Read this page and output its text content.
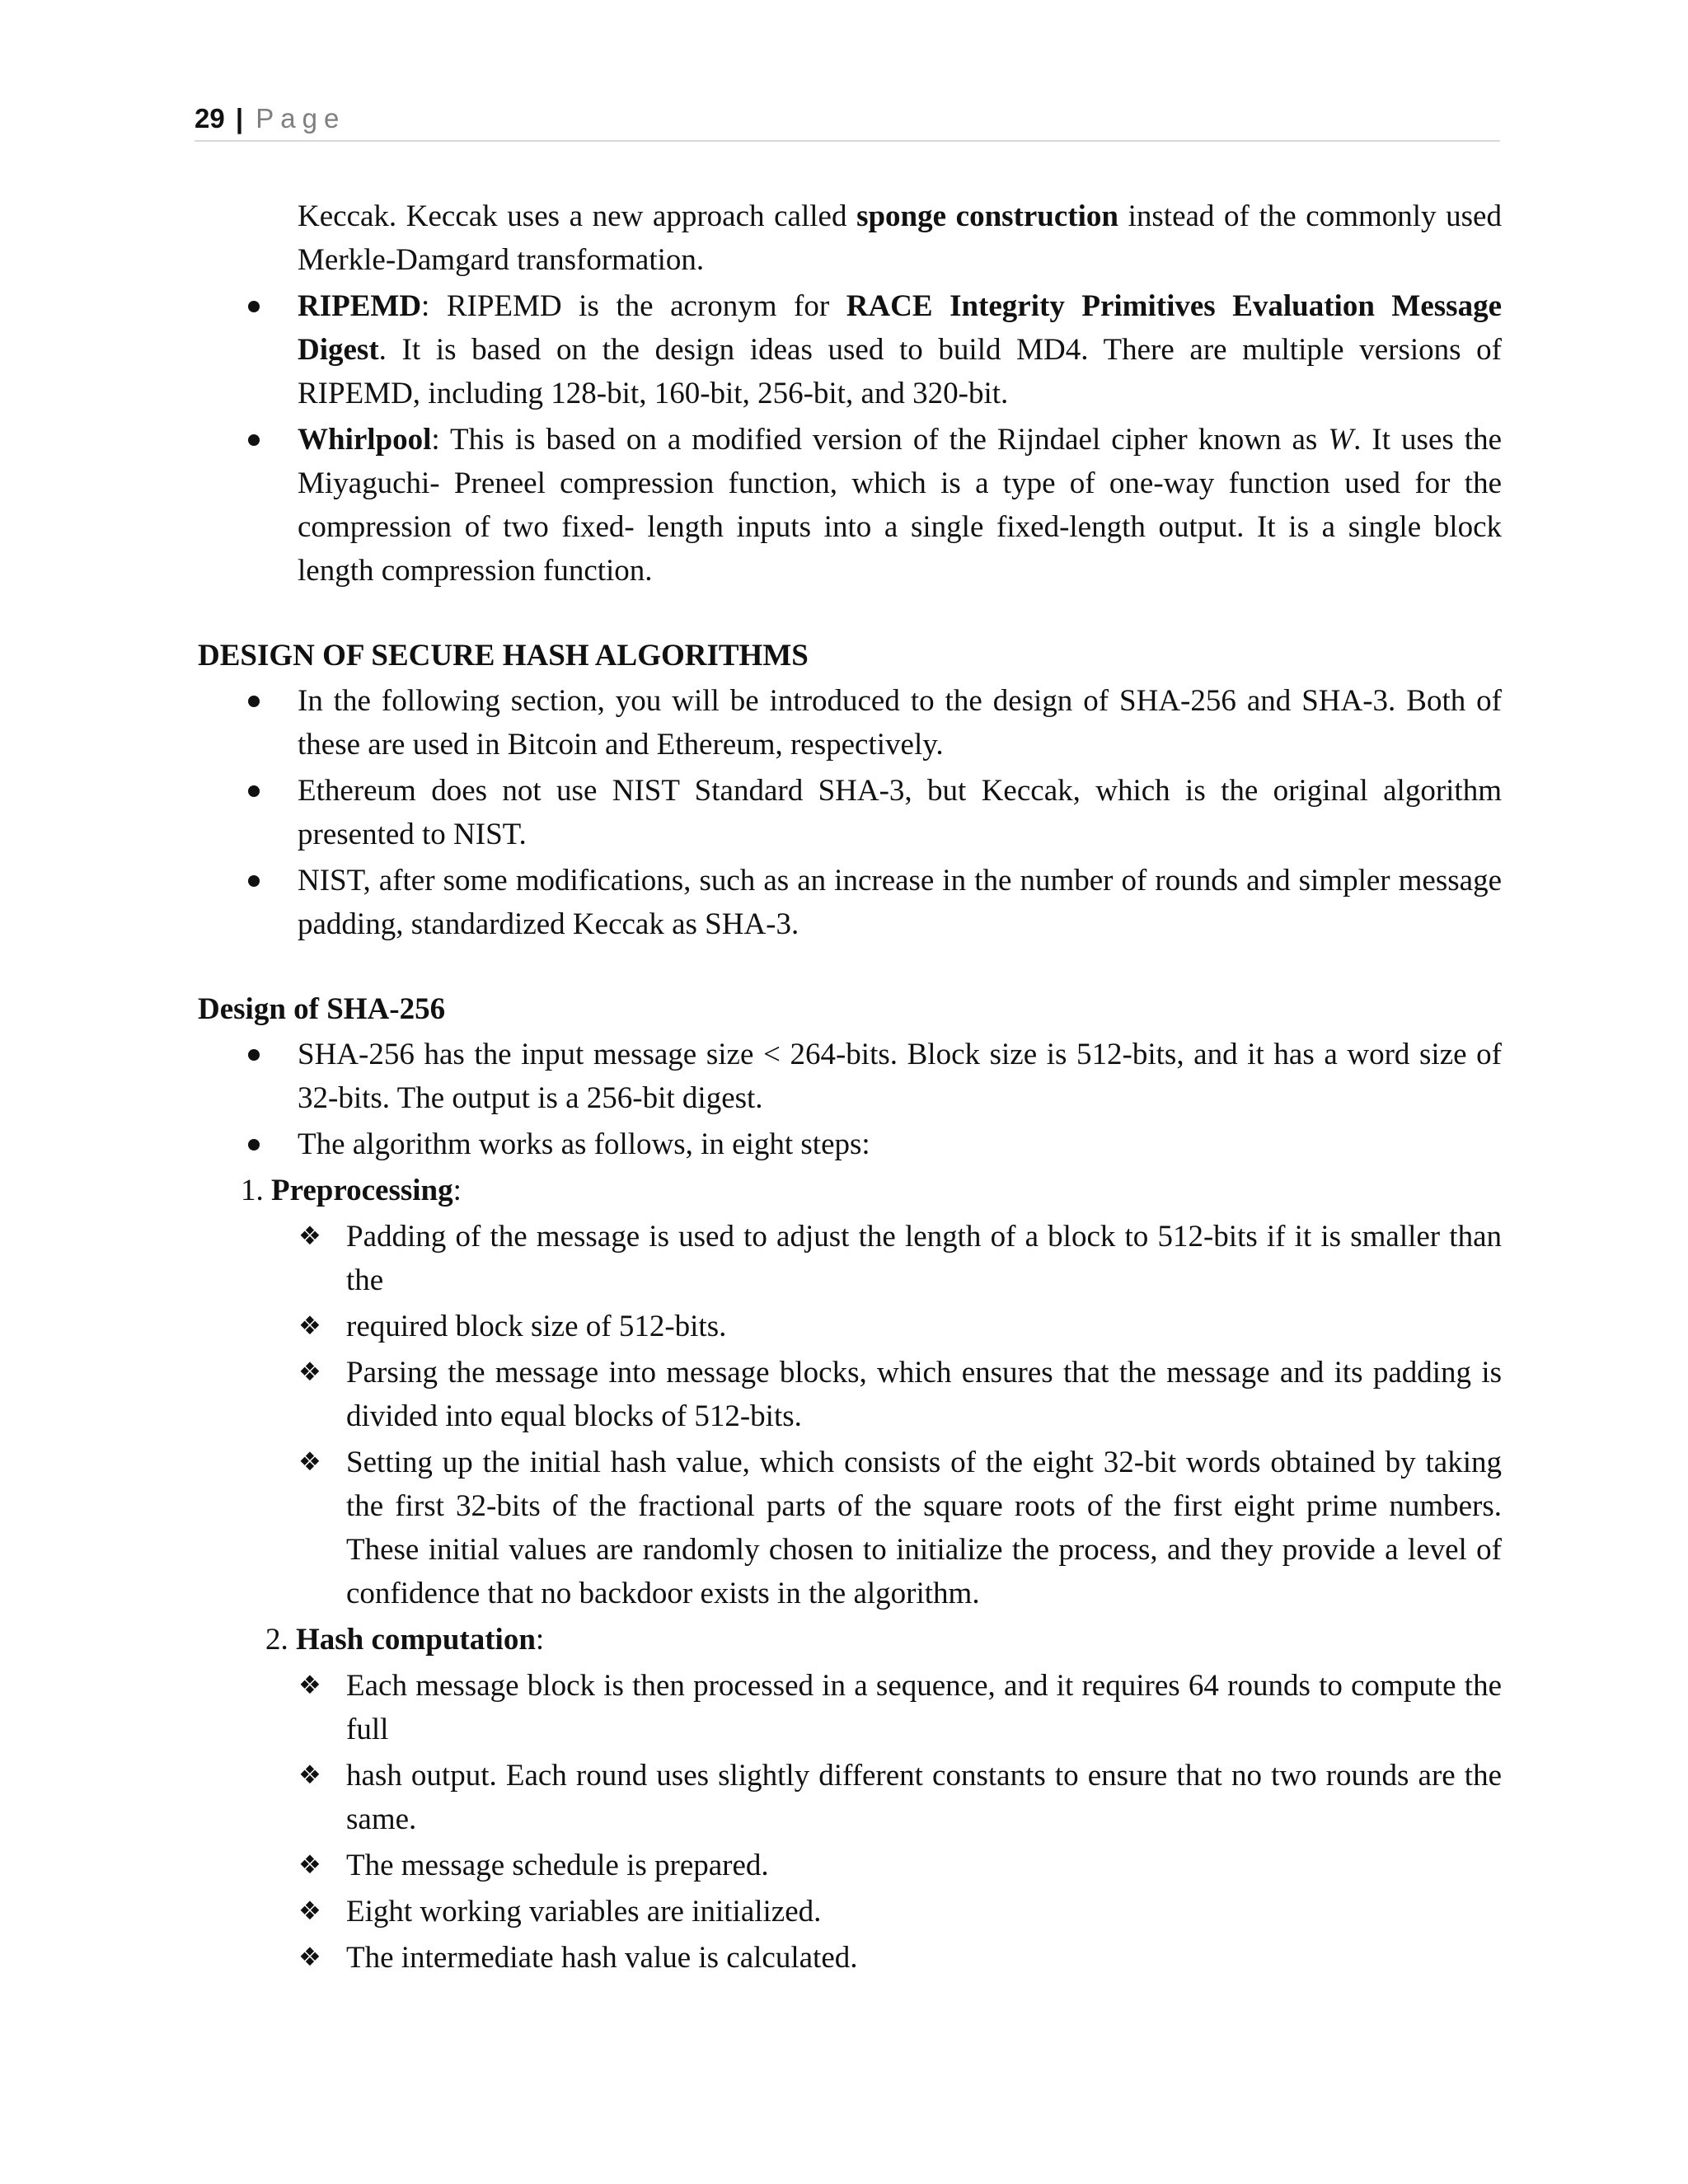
29 | Page

Keccak. Keccak uses a new approach called sponge construction instead of the commonly used Merkle-Damgard transformation.

RIPEMD: RIPEMD is the acronym for RACE Integrity Primitives Evaluation Message Digest. It is based on the design ideas used to build MD4. There are multiple versions of RIPEMD, including 128-bit, 160-bit, 256-bit, and 320-bit.
Whirlpool: This is based on a modified version of the Rijndael cipher known as W. It uses the Miyaguchi- Preneel compression function, which is a type of one-way function used for the compression of two fixed- length inputs into a single fixed-length output. It is a single block length compression function.

DESIGN OF SECURE HASH ALGORITHMS

In the following section, you will be introduced to the design of SHA-256 and SHA-3. Both of these are used in Bitcoin and Ethereum, respectively.
Ethereum does not use NIST Standard SHA-3, but Keccak, which is the original algorithm presented to NIST.
NIST, after some modifications, such as an increase in the number of rounds and simpler message padding, standardized Keccak as SHA-3.

Design of SHA-256

SHA-256 has the input message size < 264-bits. Block size is 512-bits, and it has a word size of 32-bits. The output is a 256-bit digest.
The algorithm works as follows, in eight steps:

1. Preprocessing:

❖ Padding of the message is used to adjust the length of a block to 512-bits if it is smaller than the
❖ required block size of 512-bits.
❖ Parsing the message into message blocks, which ensures that the message and its padding is divided into equal blocks of 512-bits.
❖ Setting up the initial hash value, which consists of the eight 32-bit words obtained by taking the first 32-bits of the fractional parts of the square roots of the first eight prime numbers. These initial values are randomly chosen to initialize the process, and they provide a level of confidence that no backdoor exists in the algorithm.

2. Hash computation:

❖ Each message block is then processed in a sequence, and it requires 64 rounds to compute the full
❖ hash output. Each round uses slightly different constants to ensure that no two rounds are the same.
❖ The message schedule is prepared.
❖ Eight working variables are initialized.
❖ The intermediate hash value is calculated.
